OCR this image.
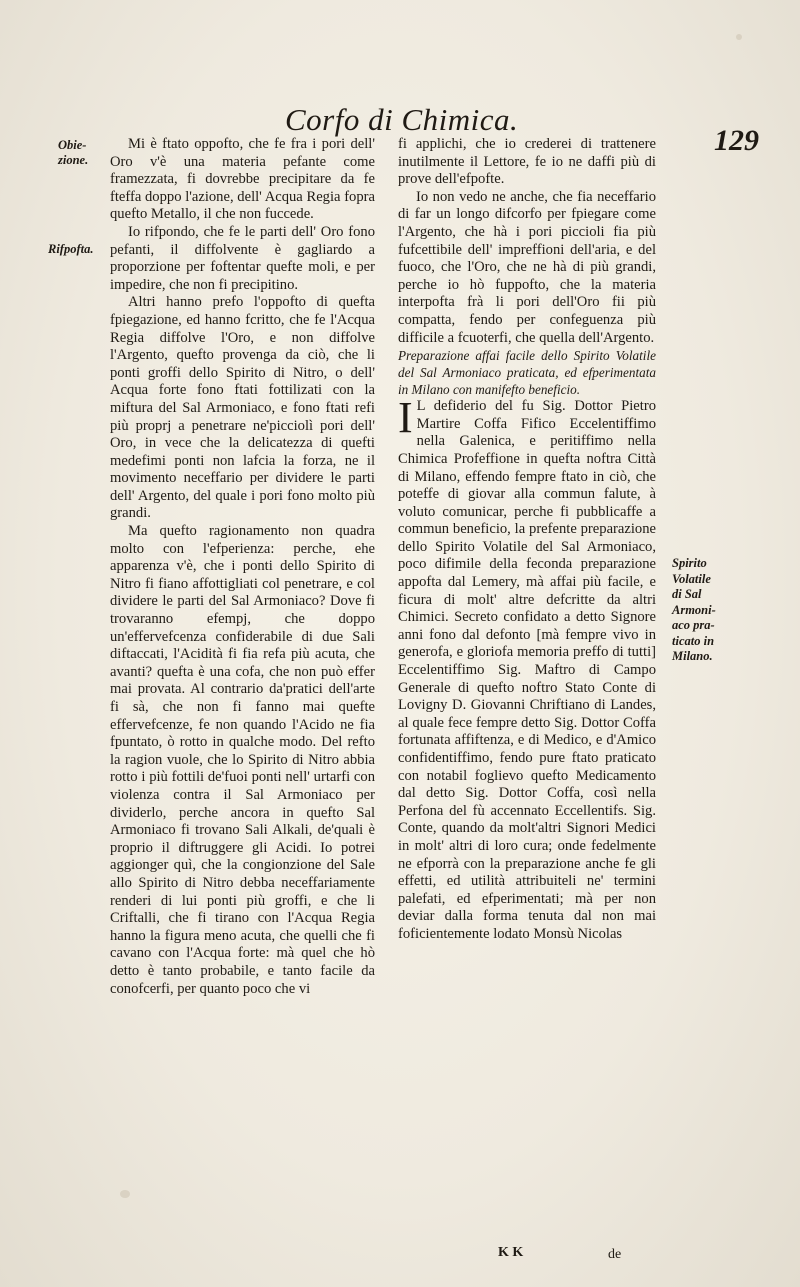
Corfo di Chimica.
129
Obie-
zione.
Rifpofta.

Mi è ftato oppofto, che fe fra i pori dell' Oro v'è una materia pefante come framezzata, fi dovrebbe precipitare da fe fteffa doppo l'azione, dell' Acqua Regia fopra quefto Metallo, il che non fuccede.

Io rifpondo, che fe le parti dell' Oro fono pefanti, il diffolvente è gagliardo a proporzione per foftentar quefte moli, e per impedire, che non fi precipitino.

Altri hanno prefo l'oppofto di quefta fpiegazione, ed hanno fcritto, che fe l'Acqua Regia diffolve l'Oro, e non diffolve l'Argento, quefto provenga da ciò, che li ponti groffi dello Spirito di Nitro, o dell' Acqua forte fono ftati fottilizati con la miftura del Sal Armoniaco, e fono ftati refi più proprj a penetrare ne'picciolì pori dell' Oro, in vece che la delicatezza di quefti medefimi ponti non lafcia la forza, ne il movimento neceffario per dividere le parti dell' Argento, del quale i pori fono molto più grandi.

Ma quefto ragionamento non quadra molto con l'efperienza: perche, ehe apparenza v'è, che i ponti dello Spirito di Nitro fi fiano affottigliati col penetrare, e col dividere le parti del Sal Armoniaco? Dove fi trovaranno efempj, che doppo un'effervefcenza confiderabile di due Sali diftaccati, l'Acidità fi fia refa più acuta, che avanti? quefta è una cofa, che non può effer mai provata. Al contrario da'pratici dell'arte fi sà, che non fi fanno mai quefte effervefcenze, fe non quando l'Acido ne fia fpuntato, ò rotto in qualche modo. Del refto la ragion vuole, che lo Spirito di Nitro abbia rotto i più fottili de'fuoi ponti nell' urtarfi con violenza contra il Sal Armoniaco per dividerlo, perche ancora in quefto Sal Armoniaco fi trovano Sali Alkali, de'quali è proprio il diftruggere gli Acidi. Io potrei aggionger quì, che la congionzione del Sale allo Spirito di Nitro debba neceffariamente renderi di lui ponti più groffi, e che li Criftalli, che fi tirano con l'Acqua Regia hanno la figura meno acuta, che quelli che fi cavano con l'Acqua forte: mà quel che hò detto è tanto probabile, e tanto facile da conofcerfi, per quanto poco che vi

fi applichi, che io crederei di trattenere inutilmente il Lettore, fe io ne daffi più di prove dell'efpofte.

Io non vedo ne anche, che fia neceffario di far un longo difcorfo per fpiegare come l'Argento, che hà i pori piccioli fia più fufcettibile dell' impreffioni dell'aria, e del fuoco, che l'Oro, che ne hà di più grandi, perche io hò fuppofto, che la materia interpofta frà li pori dell'Oro fii più compatta, fendo per confeguenza più difficile a fcuoterfi, che quella dell'Argento.

Preparazione affai facile dello Spirito Volatile del Sal Armoniaco praticata, ed efperimentata in Milano con manifefto beneficio.

I L defiderio del fu Sig. Dottor Pietro Martire Coffa Fifico Eccelentiffimo nella Galenica, e peritiffimo nella Chimica Profeffione in quefta noftra Città di Milano, effendo fempre ftato in ciò, che poteffe di giovar alla commun falute, à voluto comunicar, perche fi pubblicaffe a commun beneficio, la prefente preparazione dello Spirito Volatile del Sal Armoniaco, poco difimile della feconda preparazione appofta dal Lemery, mà affai più facile, e ficura di molt' altre defcritte da altri Chimici. Secreto confidato a detto Signore anni fono dal defonto [mà fempre vivo in generofa, e gloriofa memoria preffo di tutti] Eccelentiffimo Sig. Maftro di Campo Generale di quefto noftro Stato Conte di Lovigny D. Giovanni Chriftiano di Landes, al quale fece fempre detto Sig. Dottor Coffa fortunata affiftenza, e di Medico, e d'Amico confidentiffimo, fendo pure ftato praticato con notabil foglievo quefto Medicamento dal detto Sig. Dottor Coffa, così nella Perfona del fù accennato Eccellentifs. Sig. Conte, quando da molt'altri Signori Medici in molt' altri di loro cura; onde fedelmente ne efporrà con la preparazione anche fe gli effetti, ed utilità attribuiteli ne' termini palefati, ed efperimentati; mà per non deviar dalla forma tenuta dal non mai foficientemente lodato Monsù Nicolas

Spirito
Volatile
di Sal
Armoni-
aco pra-
ticato in
Milano.
K K	de
